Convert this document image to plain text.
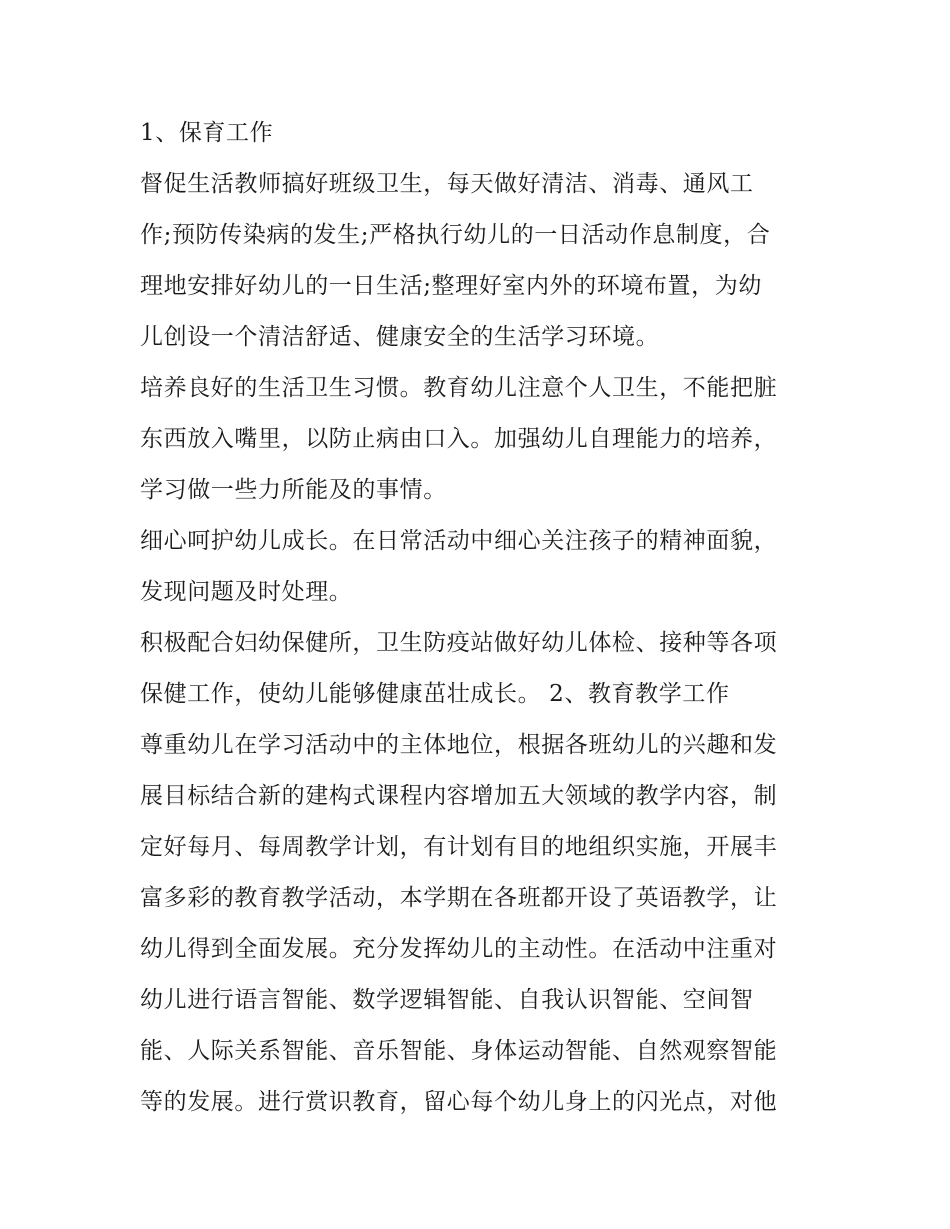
1、保育工作
督促生活教师搞好班级卫生，每天做好清洁、消毒、通风工
作;预防传染病的发生;严格执行幼儿的一日活动作息制度，合
理地安排好幼儿的一日生活;整理好室内外的环境布置，为幼
儿创设一个清洁舒适、健康安全的生活学习环境。
培养良好的生活卫生习惯。教育幼儿注意个人卫生，不能把脏
东西放入嘴里，以防止病由口入。加强幼儿自理能力的培养，
学习做一些力所能及的事情。
细心呵护幼儿成长。在日常活动中细心关注孩子的精神面貌，
发现问题及时处理。
积极配合妇幼保健所，卫生防疫站做好幼儿体检、接种等各项
保健工作，使幼儿能够健康茁壮成长。 2、教育教学工作
尊重幼儿在学习活动中的主体地位，根据各班幼儿的兴趣和发
展目标结合新的建构式课程内容增加五大领域的教学内容，制
定好每月、每周教学计划，有计划有目的地组织实施，开展丰
富多彩的教育教学活动，本学期在各班都开设了英语教学，让
幼儿得到全面发展。充分发挥幼儿的主动性。在活动中注重对
幼儿进行语言智能、数学逻辑智能、自我认识智能、空间智
能、人际关系智能、音乐智能、身体运动智能、自然观察智能
等的发展。进行赏识教育，留心每个幼儿身上的闪光点，对他
